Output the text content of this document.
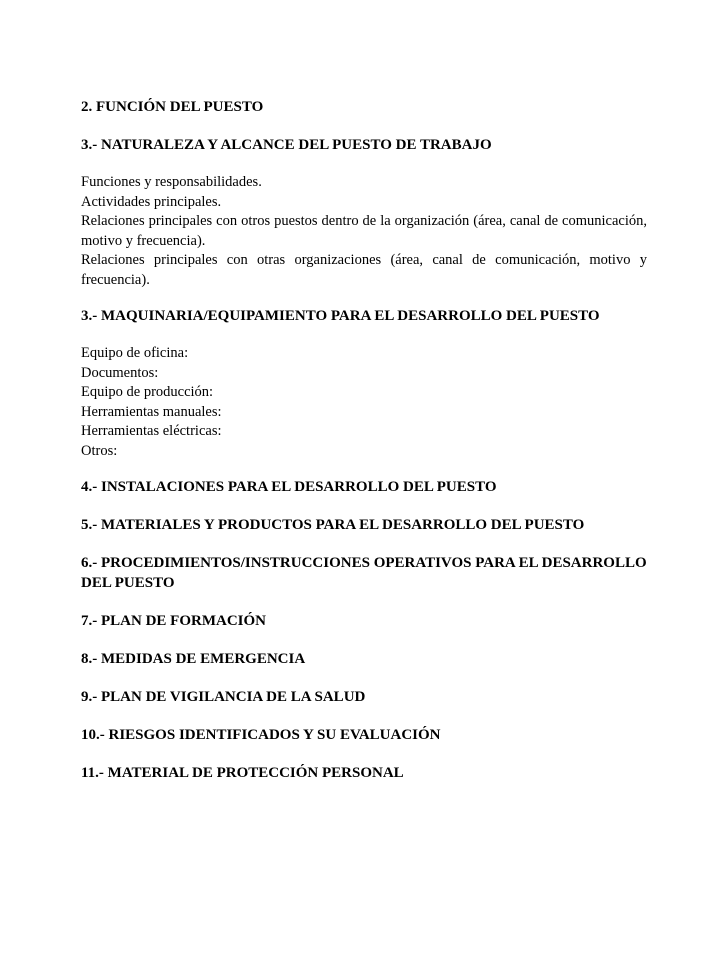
2. FUNCIÓN DEL PUESTO

3.- NATURALEZA Y ALCANCE DEL PUESTO DE TRABAJO

Funciones y responsabilidades.

Actividades principales.

Relaciones principales con otros puestos dentro de la organización (área, canal de comunicación, motivo y frecuencia).

Relaciones principales con otras organizaciones (área, canal de comunicación, motivo y frecuencia).

3.- MAQUINARIA/EQUIPAMIENTO PARA EL DESARROLLO DEL PUESTO

Equipo de oficina:

Documentos:

Equipo de producción:

Herramientas manuales:

Herramientas eléctricas:

Otros:

4.- INSTALACIONES PARA EL DESARROLLO DEL PUESTO

5.- MATERIALES Y PRODUCTOS PARA EL DESARROLLO DEL PUESTO

6.- PROCEDIMIENTOS/INSTRUCCIONES OPERATIVOS PARA EL DESARROLLO DEL PUESTO

7.- PLAN DE FORMACIÓN

8.- MEDIDAS DE EMERGENCIA

9.- PLAN DE VIGILANCIA DE LA SALUD

10.- RIESGOS IDENTIFICADOS Y SU EVALUACIÓN

11.- MATERIAL DE PROTECCIÓN PERSONAL
